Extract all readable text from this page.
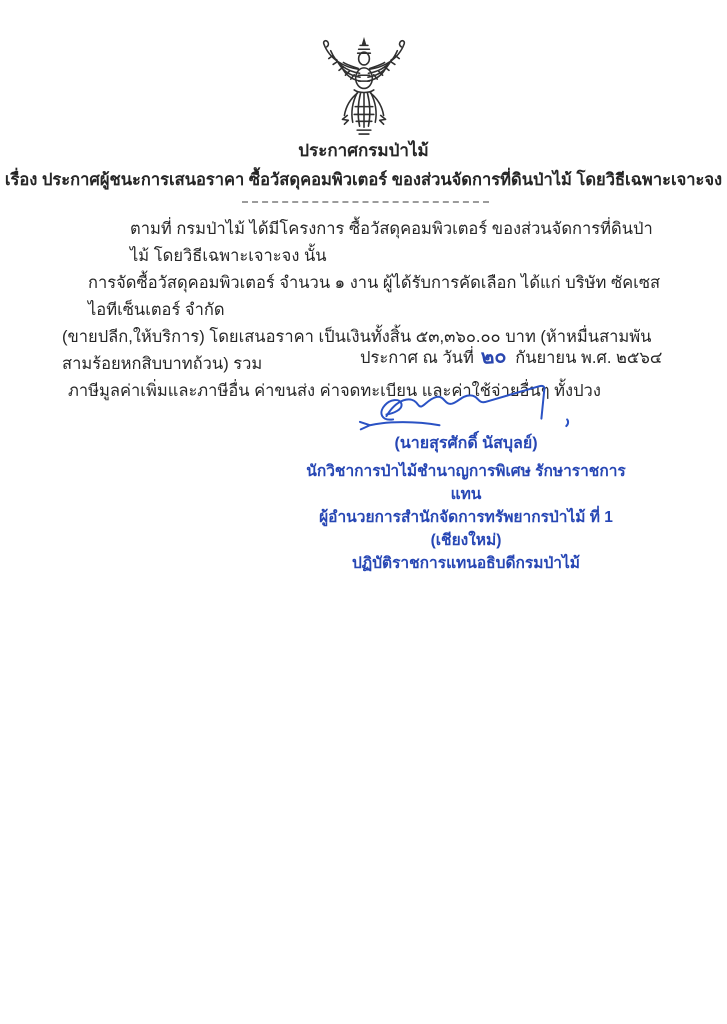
ประกาศกรมป่าไม้
เรื่อง ประกาศผู้ชนะการเสนอราคา ซื้อวัสดุคอมพิวเตอร์ ของส่วนจัดการที่ดินป่าไม้ โดยวิธีเฉพาะเจาะจง
ตามที่ กรมป่าไม้ ได้มีโครงการ ซื้อวัสดุคอมพิวเตอร์ ของส่วนจัดการที่ดินป่าไม้ โดยวิธีเฉพาะเจาะจง นั้น
การจัดซื้อวัสดุคอมพิวเตอร์ จำนวน ๑ งาน ผู้ได้รับการคัดเลือก ได้แก่ บริษัท ซัคเซสไอทีเซ็นเตอร์ จำกัด
(ขายปลีก,ให้บริการ) โดยเสนอราคา เป็นเงินทั้งสิ้น ๕๓,๓๖๐.๐๐ บาท (ห้าหมื่นสามพันสามร้อยหกสิบบาทถ้วน) รวม
ภาษีมูลค่าเพิ่มและภาษีอื่น ค่าขนส่ง ค่าจดทะเบียน และค่าใช้จ่ายอื่นๆ ทั้งปวง
ประกาศ ณ วันที่ ๒๐ กันยายน พ.ศ. ๒๕๖๔
(นายสุรศักดิ์ นัสบุลย์)
นักวิชาการป่าไม้ชำนาญการพิเศษ รักษาราชการแทน
ผู้อำนวยการสำนักจัดการทรัพยากรป่าไม้ ที่ 1 (เชียงใหม่)
ปฏิบัติราชการแทนอธิบดีกรมป่าไม้
